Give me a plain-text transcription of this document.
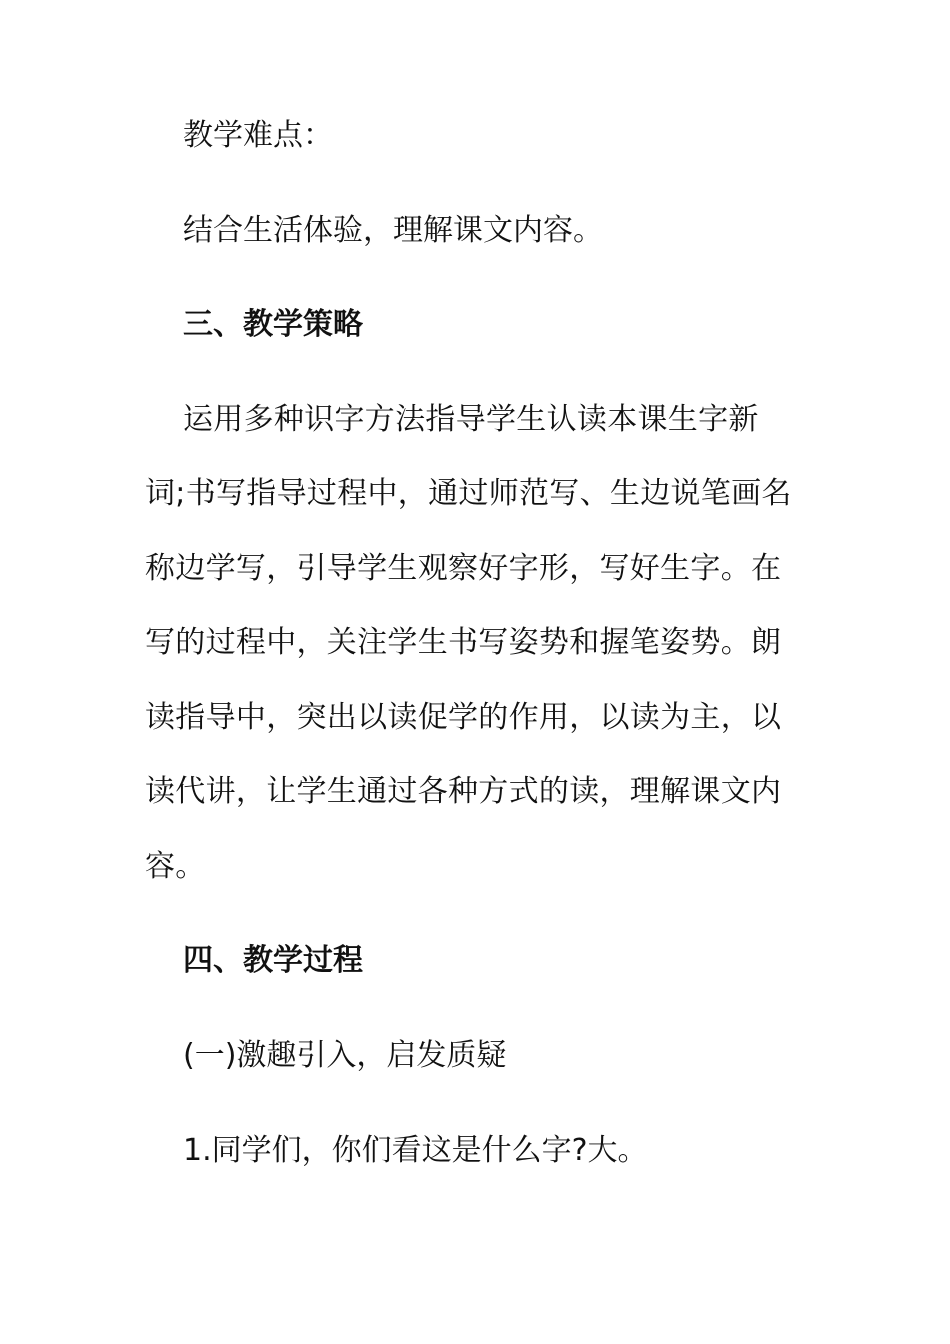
教学难点：

结合生活体验，理解课文内容。

三、教学策略

运用多种识字方法指导学生认读本课生字新

词;书写指导过程中，通过师范写、生边说笔画名

称边学写，引导学生观察好字形，写好生字。在

写的过程中，关注学生书写姿势和握笔姿势。朗

读指导中，突出以读促学的作用，以读为主，以

读代讲，让学生通过各种方式的读，理解课文内

容。

四、教学过程

(一)激趣引入，启发质疑

1.同学们，你们看这是什么字?大。
